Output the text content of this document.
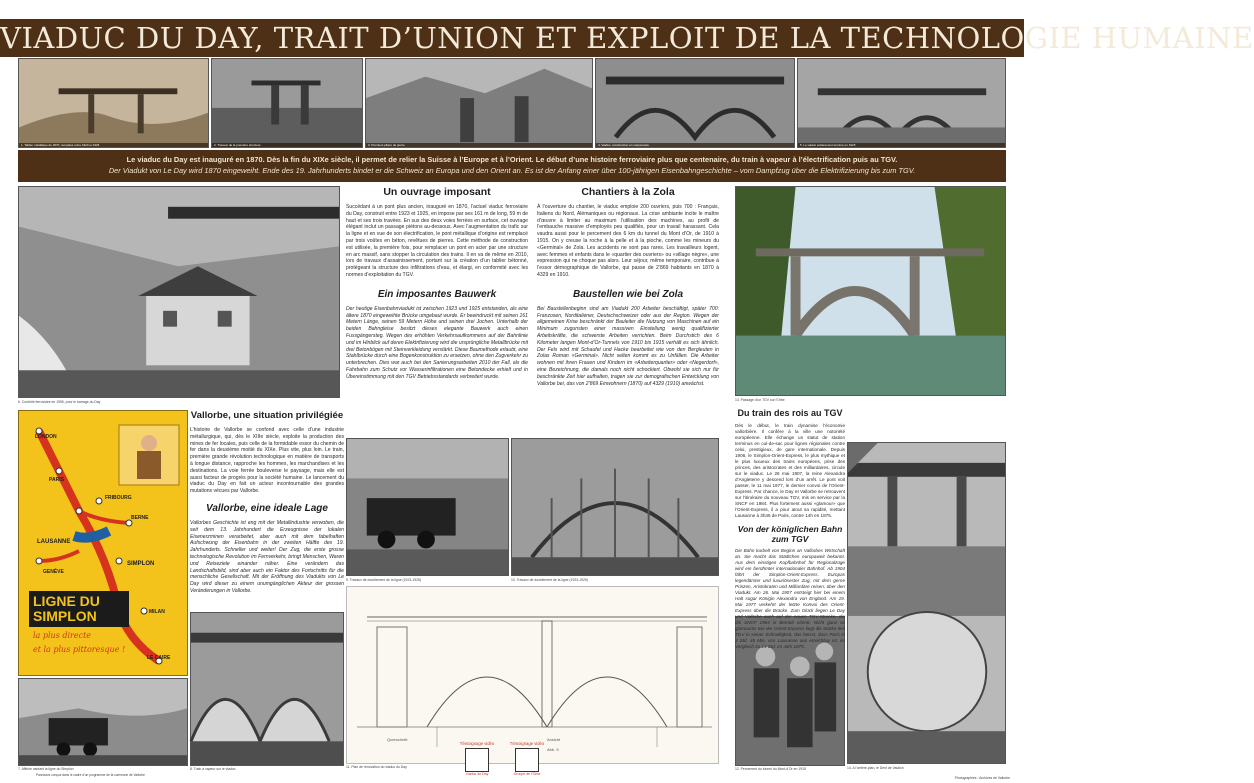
VIADUC DU DAY, TRAIT D’UNION ET EXPLOIT DE LA TECHNOLOGIE HUMAINE
1. Tablier métallique de 1870, remplacé entre 1923 et 1925	2. Travaux de la première structure	3. Premiers piliers de pierre	4. Viaduc, construction en maçonnerie	5. Le viaduc entièrement terminé en 1925
Le viaduc du Day est inauguré en 1870. Dès la fin du XIXe siècle, il permet de relier la Suisse à l’Europe et à l’Orient. Le début d’une histoire ferroviaire plus que centenaire, du train à vapeur à l’électrification puis au TGV.
Der Viadukt von Le Day wird 1870 eingeweiht. Ende des 19. Jahrhunderts bindet er die Schweiz an Europa und den Orient an. Es ist der Anfang einer über 100-jährigen Eisenbahngeschichte – vom Dampfzug über die Elektrifizierung bis zum TGV.
6. Contrôle ferroviaire en 1955, pour le barrage du Day
Un ouvrage imposant
Succédant à un pont plus ancien, inauguré en 1870, l’actuel viaduc ferroviaire du Day, construit entre 1923 et 1925, en impose par ses 161 m de long, 59 m de haut et ses trois travées. En sus des deux voies ferrées en surface, cet ouvrage élégant inclut un passage piétons au-dessous. Avec l’augmentation du trafic sur la ligne et en vue de son électrification, le pont métallique d’origine est remplacé par trois voûtes en béton, revêtues de pierres. Cette méthode de construction est utilisée, la première fois, pour remplacer un pont en acier par une structure en arc massif, sans stopper la circulation des trains. Il en va de même en 2010, lors de travaux d’assainissement, portant sur la création d’un tablier bétonné, protégeant la structure des infiltrations d’eau, et élargi, en conformité avec les normes d’exploitation du TGV.
Ein imposantes Bauwerk
Der heutige Eisenbahnviadukt ist zwischen 1923 und 1925 entstanden, als eine ältere 1870 eingeweihte Brücke umgebaut wurde. Er beeindruckt mit seinen 161 Metern Länge, seinen 59 Metern Höhe und seinen drei Jochen. Unterhalb der beiden Bahngleise besitzt dieses elegante Bauwerk auch einen Fussgängersteg. Wegen des erhöhten Verkehrsaufkommens auf der Bahnlinie und im Hinblick auf deren Elektrifizierung wird die ursprüngliche Metallbrücke mit drei Betonbögen mit Steinverkleidung verstärkt. Diese Baumethode erlaubt, eine Stahlbrücke durch eine Bogenkonstruktion zu ersetzen, ohne den Zugverkehr zu unterbrechen. Dies war auch bei den Sanierungsarbeiten 2010 der Fall, als die Fahrbahn zum Schutz vor Wasserinfiltrationen eine Betondecke erhielt und in Übereinstimmung mit den TGV Betriebsstandards verbreitert wurde.
Chantiers à la Zola
À l’ouverture du chantier, le viaduc emploie 200 ouvriers, puis 700 : Français, Italiens du Nord, Alémaniques ou régionaux. La crise ambiante incite le maître d’œuvre à limiter au maximum l’utilisation des machines, au profit de l’embauche massive d’employés peu qualifiés, pour un travail harassant. Cela vaudra aussi pour le percement des 6 km du tunnel du Mont d’Or, de 1910 à 1915. On y creuse la roche à la pelle et à la pioche, comme les mineurs du «Germinal» de Zola. Les accidents ne sont pas rares. Les travailleurs logent, avec femmes et enfants dans le «quartier des ouvriers» ou «village nègre», une expression qui ne choque pas alors. Leur séjour, même temporaire, contribue à l’essor démographique de Vallorbe, qui passe de 2’869 habitants en 1870 à 4329 en 1910.
Baustellen wie bei Zola
Bei Baustellenbeginn sind am Viadukt 200 Arbeiter beschäftigt, später 700: Franzosen, Norditaliener, Deutschschweizer oder aus der Region. Wegen der allgemeinen Krise beschränkt der Bauleiter die Nutzung von Maschinen auf ein Minimum zugunsten einer massiven Einstellung wenig qualifizierter Arbeitskräfte, die schwerste Arbeiten verrichten. Beim Durchstich des 6 Kilometer langen Mont-d’Or-Tunnels von 1910 bis 1915 verhält es sich ähnlich. Der Fels wird mit Schaufel und Hacke bearbeitet wie von den Bergleuten in Zolas Roman «Germinal». Nicht selten kommt es zu Unfällen. Die Arbeiter wohnen mit ihren Frauen und Kindern im «Arbeiterquartier» oder «Negerdorf», eine Bezeichnung, die damals noch nicht schockiert. Obwohl sie sich nur für beschränkte Zeit hier aufhalten, tragen sie zur demografischen Entwicklung von Vallorbe bei, das von 2’869 Einwohnern (1870) auf 4329 (1910) anwächst.
13. Passage d’un TGV sur l’Orbe
LONDON
PARIS
FRIBOURG
LAUSANNE
BERNE
SIMPLON
GENÈVE
MILAN
LE CAIRE
LIGNE DU SIMPLON
la plus directe
et la plus pittoresque !
Vallorbe, une situation privilégiée
L’histoire de Vallorbe se confond avec celle d’une industrie métallurgique, qui, dès le XIIIe siècle, exploite la production des mines de fer locales, puis celle de la formidable essor du chemin de fer dans la deuxième moitié du XIXe. Plus vite, plus loin. Le train, première grande révolution technologique en matière de transports à longue distance, rapproche les hommes, les marchandises et les destinations. La voie ferrée bouleverse le paysage, mais elle est aussi facteur de progrès pour la société humaine. Le lancement du viaduc du Day en fait un acteur incontournable des grandes mutations vécues par Vallorbe.
Vallorbe, eine ideale Lage
Vallorbes Geschichte ist eng mit der Metallindustrie verwoben, die seit dem 13. Jahrhundert die Erzeugnisse der lokalen Eisenerzminen verarbeitet, aber auch mit dem fabelhaften Aufschwung der Eisenbahn in der zweiten Hälfte des 19. Jahrhunderts. Schneller und weiter! Der Zug, die erste grosse technologische Revolution im Fernverkehr, bringt Menschen, Waren und Reiseziele einander näher. Eine verändern das Landschaftsbild, sind aber auch ein Faktor des Fortschritts für die menschliche Gesellschaft. Mit der Eröffnung des Viadukts von Le Day wird dieser zu einem unumgänglichen Akteur der grossen Veränderungen in Vallorbe.
7. Affiche vantant la ligne du Simplon	8. Train à vapeur sur le viaduc
9. Travaux de doublement de la ligne (1923-1925)	10. Travaux de doublement de la ligne (1923-1925)
Querschnitt	Ansicht
Abb. 5
11. Plan de rénovation du viaduc du Day	12. Percement du tunnel du Mont-d’Or en 1915
Du train des rois au TGV
Dès le début, le train dynamise l’économie vallorbière. Il confère à la ville une notoriété européenne. Elle échange un statut de station terminus en cul-de-sac pour lignes régionales contre celui, prestigieux, de gare internationale. Depuis 1906, le Simplon-Orient-Express, le plus mythique et le plus luxueux des trains européens, prise des princes, des aristocrates et des milliardaires, circule sur le viaduc. Le 26 mai 1907, la reine Alexandra d’Angleterre y descend lors d’un arrêt. Le pont voit passer, le 11 mai 1977, le dernier convoi de l’Orient-Express. Par chance, le Day et Vallorbe se retrouvent sur l’itinéraire du nouveau TGV, mis en service par la SNCF en 1984. Plus fortement aussi «glamour» que l’Orient-Express, il a pour atout sa rapidité, mettant Lausanne à 3h45 de Paris, contre 14h en 1875.
Von der königlichen Bahn zum TGV
Die Bahn kurbelt von Beginn an Vallorbes Wirtschaft an. Sie macht das Städtchen europaweit bekannt. Aus dem einstigen Kopfbahnhof für Regionalzüge wird ein berühmter internationaler Bahnhof. Ab 1904 fährt der Simplon-Orient-Express. Europas legendärster und luxuriösester Zug, mit dem gerne Prinzen, Aristokraten und Milliardäre reisen, über den Viadukt. Am 26. Mai 1907 entsteigt hier bei einem Halt sogar Königin Alexandra von England. Am 19. Mai 1977 verkehrt der letzte Konvoi des Orient-Express über die Brücke. Zum Glück liegen Le Day und Vallorbe auch auf der neuen TGV-Strecke, die die SNCF 1984 in Betrieb nimmt. Nicht ganz so glamourös wie der Orient-Express liegt die Stärke des TGV in seiner Schnelligkeit, das heisst, dass Paris in 3 Std. 45 Min. von Lausanne aus erreichbar ist, im Vergleich zu 14 Std. im Jahr 1875.
14. A l’arrière-plan, le Dent de Vaulion
Panneaux conçus dans le cadre d’un programme de la commune de Vallorbe
Témoignage vidéo
Viaduc du Day
Témoignage vidéo
Groupe de l’Orbe
Photographies : Archives de Vallorbe
